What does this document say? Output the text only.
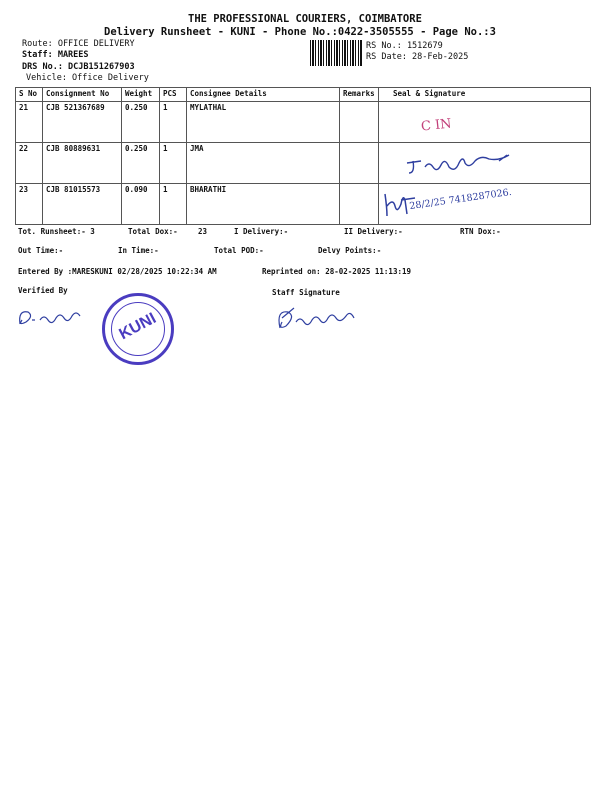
THE PROFESSIONAL COURIERS, COIMBATORE
Delivery Runsheet - KUNI - Phone No.:0422-3505555 - Page No.:3
Route: OFFICE DELIVERY
Staff: MAREES
DRS No.: DCJB151267903
Vehicle: Office Delivery
RS No.: 1512679
RS Date: 28-Feb-2025
S No	Consignment No	Weight	PCS	Consignee Details	Remarks	Seal & Signature
21	CJB 521367689	0.250	1	MYLATHAL		C IN

22	CJB 80889631	0.250	1	JMA		

23	CJB 81015573	0.090	1	BHARATHI		28/2/25 7418287026.
Tot. Runsheet:- 3	Total Dox:-	23	I Delivery:-	II Delivery:-	RTN Dox:-
Out Time:-	In Time:-	Total POD:-	Delvy Points:-
Entered By :MARESKUNI 02/28/2025 10:22:34 AM	Reprinted on: 28-02-2025 11:13:19
Verified By	Staff Signature
KUNI
